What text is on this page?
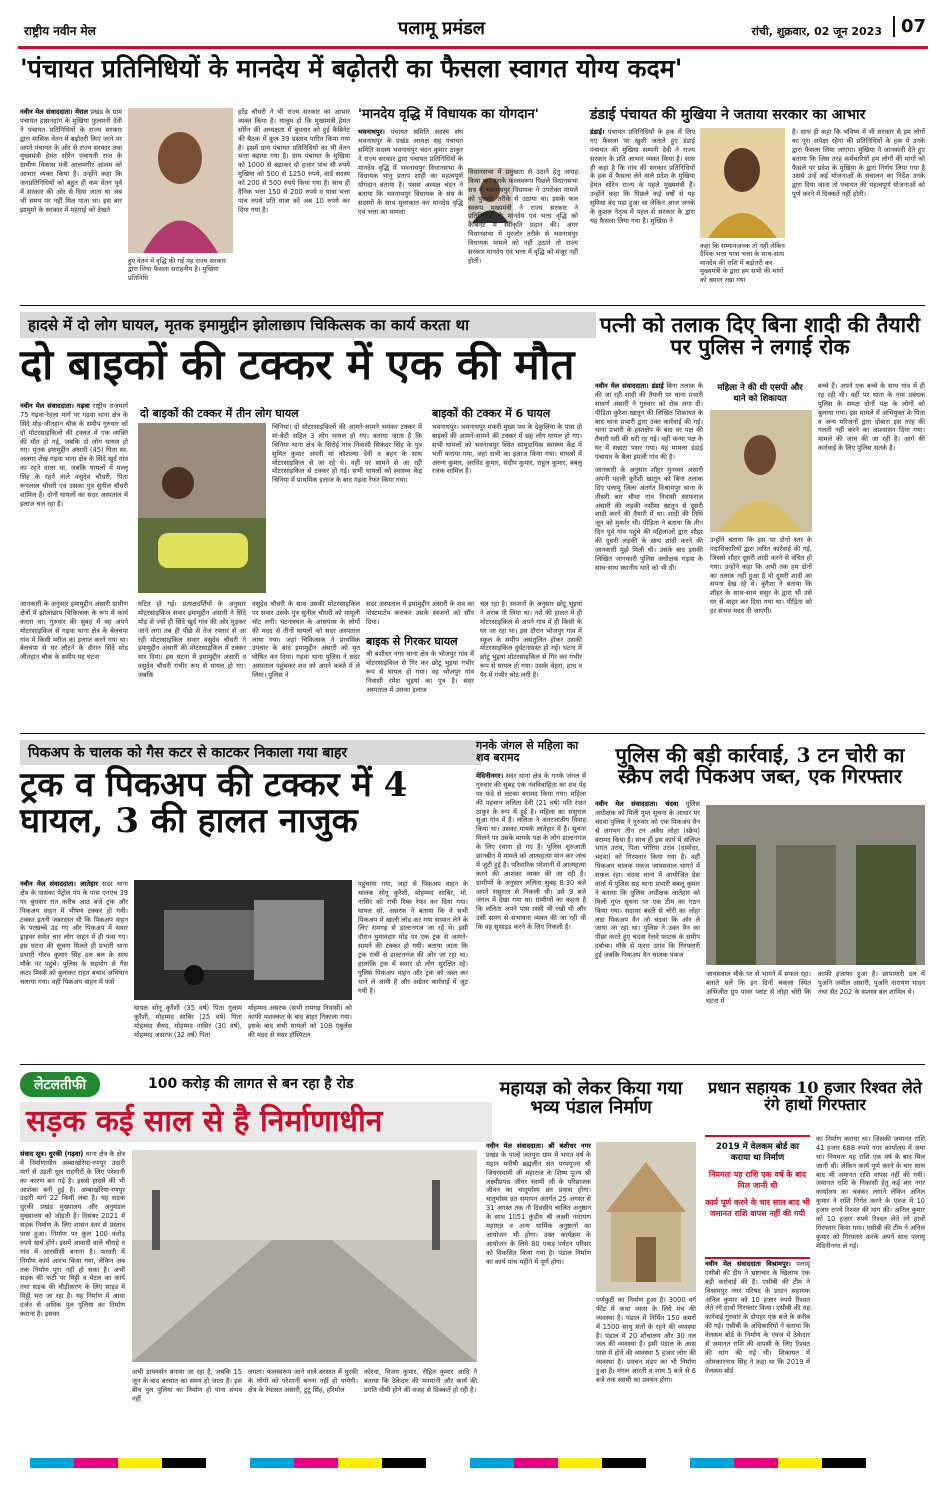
राष्ट्रीय नवीन मेल	पलामू प्रमंडल	रांची, शुक्रवार, 02 जून 2023	07
'पंचायत प्रतिनिधियों के मानदेय में बढ़ोतरी का फैसला स्वागत योग्य कदम'
नवीन मेल संवाददाता। मेराल प्रखंड के ग्राम पंचायत हासनदाग के मुखिया फुलमनी देवी ने पंचायत प्रतिनिधियों के राज्य सरकार द्वारा मासिक वेतन में बढ़ोतरी किए जाने पर अपने पंचायत के ओर से राज्य सरकार तथा मुख्यमंत्री हेमंत सोरेन पंचायती राज के ग्रामीण विकास मंत्री आलमगीर आलम को आभार व्यक्त किया है। उन्होंने कहा कि जनप्रतिनिधियों को बहुत ही कम वेतन पूर्व में सरकार की ओर से दिया जाता था जब भी समय पर नहीं मिल पाता था। इस बार झामुमो के सरकार में महंगाई को देखते
हुए वेतन में वृद्धि की गई यह राज्य सरकार द्वारा लिया फैसला सराहनीय है। मुखिया प्रतिनिधि
हरेंद्र चौधरी ने भी राज्य सरकार का आभार व्यक्त किया है। मालूम हो कि मुख्यमंत्री हेमंत सोरेन की अध्यक्षता में बुधवार को हुई कैबिनेट की बैठक में कुल 39 प्रस्ताव पारित किया गया है। इसमें ग्राम पंचायत प्रतिनिधियों का भी वेतन भत्ता बढ़ाया गया है। ग्राम पंचायत के मुखिया को 1000 से बढ़ाकर दो हजार पांच सौ रुपये मुखिया को 500 से 1250 रुपये, वार्ड सदस्य को 200 से 500 रुपये किया गया है। साथ ही दैनिक भत्ता 150 से 200 रुपये व यात्रा भत्ता पांच रुपये प्रति यात्रा को अब 10 रुपये कर दिया गया है।
'मानदेय वृद्धि में विधायक का योगदान'
भवनाथपुर। पंचायत समिति सदस्य संघ भवनाथपुर के प्रखंड अध्यक्ष सह पंचायत समिति सदस्य भवनाथपुर चंदन कुमार ठाकुर ने राज्य सरकार द्वारा पंचायत प्रतिनिधियों के मानदेय वृद्धि में भवनाथपुर विधानसभा के विधायक भानु प्रताप शाही का महत्वपूर्ण योगदान बताया है। पंसस अध्यक्ष चंदन ने बताया कि भवनाथपुर विधायक के संघ के सदस्यों के साथ मुलाकात कर मानदेय वृद्धि एवं भत्ता का मामला
विधानसभा में प्रमुखता से उठाने हेतु आग्रह किया था। इसके फलस्वरूप पिछले विधानसभा सत्र में भवनाथपुर विधायक ने उपरोक्त मामले को पुरजोर तरीके से उठाया था। इसके फल स्वरूप मुख्यमंत्री ने राज्य सरकार ने प्रतिनिधियों के मानदेय एवं भत्ता वृद्धि को कैबिनेट में स्वीकृति प्रदान की। अगर विधानसभा में पुरजोर तरीके से भवनाथपुर विधायक मामले को नहीं उठाते तो राज्य सरकार मानदेय एवं भत्ता में वृद्धि को मंजूर नहीं होती।
डंडाई पंचायत की मुखिया ने जताया सरकार का आभार
डंडाई। पंचायत प्रतिनिधियों के हक में लिए गए फैसला पर खुशी जताते हुए डंडाई पंचायत की मुखिया सम्पनी देवी ने राज्य सरकार के प्रति आभार व्यक्त किया है। साथ ही कहा है कि गांव की सरकार प्रतिनिधियों के हक में फैसला लेने वाले प्रदेश के मुखिया हेमंत सोरेन राज्य के पहले मुख्यमंत्री हैं। उन्होंने कहा कि पिछले कई वर्षों से यह सुविधा बंद पड़ा हुआ था लेकिन आज जनके के कुशल नेतृत्व में पहल से सरकार के द्वारा यह फैसला लिया गया है। मुखिया ने
कहा कि सम्मानजनक तो नहीं लेकिन दैनिक भत्ता यात्रा भत्ता के साथ-साथ मानदेय की राशि में बढ़ोतरी कर मुख्यमंत्री के द्वारा हम सभी की मांगों को ख्याल रखा गया
है। साथ ही कहा कि भविष्य में भी सरकार से हम लोगों का पूरा अपेक्षा रहेगा की प्रतिनिधियों के हक में उनके द्वारा फैसला लिया जाएगा। मुखिया ने जानकारी देते हुए बताया कि जिस तरह कर्मचारियों हम लोगों की मांगों को फैसले पर प्रदेश के मुखिया के द्वारा निर्णय लिया गया है उससे उन्हें कई योजनाओं के संचालन का निर्देश उनके द्वारा दिया जाता तो पंचायत की महत्वपूर्ण योजनाओं को पूर्ण करने में दिक्कतें नहीं होती।
हादसे में दो लोग घायल, मृतक इमामुद्दीन झोलाछाप चिकित्सक का कार्य करता था
दो बाइकों की टक्कर में एक की मौत
नवीन मेल संवाददाता। गढ़वा राष्ट्रीय राजमार्ग 75 गढ़वा-रेहला मार्ग पर गढ़वा थाना क्षेत्र के सिंदे मोड़-जीतहान चौक के समीप गुरुवार को दो मोटरसाइकिलों की टक्कर में एक व्यक्ति की मौत हो गई, जबकि दो लोग घायल हो गए। मृतक इमामुद्दीन अंसारी (45) पिता स्व. अलगर शेख गढ़वा थाना क्षेत्र के सिंदे खुर्द गांव का रहने वाला था, जबकि घायलों में मल्लू सिंह के रहने वाले वसुदेव चौधरी, पिता रूपलाल चौधरी एवं उसका पुत्र सुनील चौधरी शामिल हैं। दोनों घायलों का सदर अस्पताल में इलाज चल रहा है।
जानकारी के अनुसार इमामुद्दीन अंसारी ग्रामीण क्षेत्रों में झोलाछाप चिकित्सक के रूप में कार्य करता था। गुरुवार की सुबह में वह अपने मोटरसाइकिल से गढ़वा थाना क्षेत्र के बेलचंपा गांव में किसी मरीज का इलाज करने गया था। बेलचंपा से घर लौटने के दौरान सिंदे मोड़ जीतहान चौक के समीप यह घटना
दो बाइकों की टक्कर में तीन लोग घायल
चिनिया। दो मोटरसाइकिलों की आमने-सामने भयंकर टक्कर में मां-बेटी सहित 3 लोग घायल हो गए। बताया जाता है कि चिनिया थाना क्षेत्र के सिरोई गांव निवासी सिकंदर सिंह के पुत्र सुमित कुमार अपनी मां कौशल्या देवी व बहन के साथ मोटरसाइकिल से जा रहे थे। वहीं पर सामने से आ रही मोटरसाइकिल से टक्कर हो गई। सभी घायलों को स्वास्थ्य केंद्र चिनिया में प्राथमिक इलाज के बाद गढ़वा रेफर किया गया।
बाइकों की टक्कर में 6 घायल
भवनाथपुर। भवनाथपुर मकरी मुख्य पथ के देकुलिया के पास दो बाइकों की आमने-सामने की टक्कर में छह लोग घायल हो गए। सभी घायलों को भवनाथपुर स्थित सामुदायिक स्वास्थ्य केंद्र में भर्ती कराया गया, जहां सभी का इलाज किया गया। घायलों में अरुण कुमार, अरविंद कुमार, संदीप कुमार, राहुल कुमार, बबलू रजक शामिल हैं।
घटित हो गई। प्रत्यक्षदर्शियों के अनुसार मोटरसाइकिल सवार इमामुद्दीन अंसारी ने सिंदे मोड़ से ज्यों ही सिंदे खुर्द गांव की ओर मुड़कर जाने लगा तब ही पीछे से तेज रफ्तार से आ रही मोटरसाइकिल सवार वसुदेव चौधरी ने इमामुद्दीन अंसारी की मोटरसाइकिल में टक्कर मार दिया। इस घटना में इमामुद्दीन अंसारी व वसुदेव चौधरी गंभीर रूप से घायल हो गए। जबकि
वसुदेव चौधरी के साथ उसकी मोटरसाइकिल पर सवार उसके पुत्र सुनील चौधरी को मामूली चोट लगी। घटनास्थल के आसपास के लोगों की मदद से तीनों घायलों को सदर अस्पताल लाया गया। जहां चिकित्सक ने प्राथमिक उपचार के बाद इमामुद्दीन अंसारी को मृत घोषित कर दिया। गढ़वा थाना पुलिस ने सदर अस्पताल पहुंचकर शव को अपने कब्जे में ले लिया। पुलिस ने
सदर अस्पताल में इमामुद्दीन अंसारी के शव का पोस्टमार्टम कराकर उसके स्वजनों को सौंप दिया।
बाइक से गिरकर घायल
श्री बंशीधर नगर थाना क्षेत्र के भोजपुर गांव में मोटरसाइकिल से गिर कर छोटू भुइयां गंभीर रूप से घायल हो गया। वह भोजपुर गांव निवासी रमेश भुइयां का पुत्र है। सदर अस्पताल में उसका इलाज
चल रहा है। स्वजनों के अनुसार छोटू भुइयां ने शराब पी लिया था। नशे की हालत में ही मोटरसाइकिल से अपने गांव में ही किसी के घर जा रहा था। इस दौरान भोजपुर गांव में स्कूल के समीप असंतुलित होकर उसकी मोटरसाइकिल दुर्घटनाग्रस्त हो गई। घटना में छोटू भुइयां मोटरसाइकिल से गिर कर गंभीर रूप से घायल हो गया। उसके चेहरा, हाथ व पैर में गंभीर चोट लगी है।
पत्नी को तलाक दिए बिना शादी की तैयारी पर पुलिस ने लगाई रोक
नवीन मेल संवाददाता। डंडाई बिना तलाक के की जा रही शादी की तैयारी पर थाना प्रभारी सावर्ण अंसारी ने गुरुवार को रोक लगा दी। पीड़िता कुरैशा खातून की लिखित शिकायत के बाद थाना प्रभारी द्वारा उक्त कार्रवाई की गई। थाना प्रभारी के हस्तक्षेप के बाद वर पक्ष की तैयारी धरी की धरी रह गई। वहीं कन्या पक्ष के घर में सन्नाटा पसर गया। यह मामला डंडाई पंचायत के बैला इमली गांव की है।
जानकारी के अनुसार शौहर मुनव्वर अंसारी अपनी पहली कुरैशी खातून को बिना तलाक दिए पलामू जिला अंतर्गत विश्रामपुर थाना के तीसरी बार चौथा गांव निवासी सरफराज अंसारी की लड़की नसीमा खातून से दूसरी शादी करने की तैयारी में था। शादी की तिथि जून को मुकर्रर थी। पीड़िता ने बताया कि तीन दिन पूर्व गांव पहुंचे की महिलाओं द्वारा शौहर की दूसरी लड़की के साथ शादी करने की जानकारी मुझे मिली थी। उसके बाद इसकी लिखित जानकारी पुलिस अधीक्षक गढ़वा के साथ-साथ स्थानीय थाने को भी दी।
महिला ने की थी एसपी और थाने को शिकायत
उन्होंने बताया कि इस पर दोनों स्तर के पदाधिकारियों द्वारा त्वरित कार्रवाई की गई, जिससे शौहर दूसरी शादी करने से वंचित हो गया। उन्होंने कहा कि अभी तक हम दोनों का तलाक नहीं हुआ है वो दूसरी शादी का सपना देख रहे थे। कुरैशा ने बताया कि शौहर के साथ-साथ ससुर के द्वारा भी उसे घर से बाहर कर दिया गया था। पीड़िता को हर संभव मदद दी जाएगी।
बच्चे हैं। अपने एक बच्चे के साथ गांव में ही रह रही थी। वहीं पर थाना के नाम प्रबंधक पुलिस के समक्ष दोनों पक्ष के लोगों को बुलाया गया। इस मामले में अभियुक्त के पिता व अन्य परिजनों द्वारा दोबारा इस तरह की गलती नहीं करने का आश्वासन दिया गया। मामले की जांच की जा रही है। आगे की कार्रवाई के लिए पुलिस सतर्क है।
पिकअप के चालक को गैस कटर से काटकर निकाला गया बाहर
ट्रक व पिकअप की टक्कर में 4 घायल, 3 की हालत नाजुक
नवीन मेल संवाददाता। लातेहार सदर थाना क्षेत्र के पासंका पेट्रोल पंप के पास एनएच 39 पर बुधवार रात करीब आठ बजे ट्रक और पिकअप वाहन में भीषण टक्कर हो गयी। टक्कर इतनी जबरदस्त थी कि पिकअप वाहन के परखच्चे उड़ गए और पिकअप में सवार ड्राइवर समेत चार लोग वाहन में ही फंस गए। इस घटना की सूचना मिलते ही प्रभारी थाना प्रभारी गौरव कुमार सिंह दल बल के साथ मौके पर पहुंचे। पुलिस के सहयोग से गैस कटर मिस्त्री को बुलाकर राहत बचाव अभियान चलाया गया। वहीं पिकअप वाहन में फंसे
घायल सोनू कुरैशी (35 वर्ष) पिता गुलाम कुरैशी, मोहम्मद साबिर (25 वर्ष) पिता मोहम्मद सैयद, मोहम्मद नासिर (30 वर्ष), मोहम्मद असरफ (32 वर्ष) पिता
मोहम्मद असरफ (सभी रामगढ़ निवासी) को काफी मशक्कत के बाद बाहर निकाला गया। इसके बाद सभी घायलों को 108 एंबुलेंस की मदद से सदर हॉस्पिटल
पहुंचाया गया, जहां से पिकअप वाहन के चालक सोनू कुरैशी, मोहम्मद साबिर, मो. नासिर को रांची रिम्स रेफर कर दिया गया। घायल सो. असरफ ने बताया कि वे सभी पिकअप में खाली लोड कर गया सामान लेने के लिए रामगढ़ से डाल्टनगंज जा रहे थे। इसी दौरान घुमावदार मोड़ पर एक ट्रक से आमने-सामने की टक्कर हो गयी। बताया जाता कि ट्रक रांची से डाल्टनगंज की ओर जा रहा था। हालांकि ट्रक में सवार दो लोग सुरक्षित रहे। पुलिस पिकअप वाहन और ट्रक को जब्त कर थाने ले आयी है और अग्रेतर कार्रवाई में जुट गयी है।
गनके जंगल से महिला का शव बरामद
मेदिनीनगर। सदर थाना क्षेत्र के गनके जंगल में गुरुवार की सुबह एक नवविवाहिता का शव पेड़ पर फंदे से लटका बरामद किया गया। महिला की पहचान ललिता देवी (21 वर्ष) पति रंजन ठाकुर के रूप में हुई है। महिला का ससुराल सुआ गांव में है। ललिता ने अंतरजातीय विवाह किया था। उसका मायके लातेहार में है। सूचना मिलने पर उसके मायके पक्ष के लोग डाल्टनगंज के लिए रवाना हो गए हैं। पुलिस शुरुआती छानबीन में मामले को आत्महत्या मान कर जांच में जुटी हुई है। परिवारिक परेशानी में आत्महत्या करने की आशंका व्यक्त की जा रही है। ग्रामीणों के अनुसार ललिता सुबह 8:30 बजे अपने ससुराल से निकली थी। उसे 9 बजे जंगल में देखा गया था। ग्रामीणों का कहना है कि ललिता अपने पास रस्सी भी रखी थी और उसी समय से संभावना व्यक्त की जा रही थी कि वह सुसाइड करने के लिए निकली है।
पुलिस की बड़ी कार्रवाई, 3 टन चोरी का स्क्रैप लदी पिकअप जब्त, एक गिरफ्तार
नवीन मेल संवाददाता। चंदवा पुलिस अधीक्षक को मिली गुप्त सूचना के आधार पर चंदवा पुलिस ने गुरुवार को एक पिकअप वैन से लगभग तीन टन अवैध लोहा (स्क्रैप) बरामद किया है। साथ ही इस कार्य में संलिप्त भगत उरांव, पिता भोरिया उरांव (दामोदर, चंदवा) को गिरफ्तार किया गया है। वहीं पिकअप चालक पंकज जायसवाल भागने में सफल रहा। चंदवा थाना में आयोजित प्रेस वार्ता में पुलिस सह थाना प्रभारी बबलू कुमार ने बताया कि पुलिस अधीक्षक लातेहार को मिली गुप्त सूचना पर एक टीम का गठन किया गया। सदावर बस्ती से चोरी का लोहा लदा पिकअप वैन जो चंदवा कि ओर ले जाया जा रहा था। पुलिस ने उक्त वैन का पीछा करते हुए चंदवा रेलवे फाटक के समीप दबोचा। मौके से फरार उरांव कि गिरफ्तारी हुई जबकि पिकअप वैन चालक पंकज
जायसवाल मौके पर से भागने में सफल रहा। बताते चलें कि इन दिनों चकला स्थित अभिजीत ग्रुप पावर प्लांट से लोहा चोरी कि घटना में
काफी इजाफा हुआ है। छापामारी दल में पुअनि जमील अंसारी, पुअनि नारायण यादव तथा सैट 202 के सशस्त्र बल शामिल थे।
लेटलतीफी	100 करोड़ की लागत से बन रहा है रोड
सड़क कई साल से है निर्माणाधीन
संवाद सूत्र। धुरकी (गढ़वा) थाना क्षेत्र के क्षेत्र में निर्माणाधीन अम्बाखोरेया-रणपुर उदारी मार्ग से उड़ती धूल राहगीरों के लिए परेशानी का कारण बन गई है। इससे हादसे की भी आशंका बनी हुई है। अम्बाखोरेया-रणपुर उदारी मार्ग 22 किमी लंबा है। यह सड़क धुरकी प्रखंड मुख्यालय और अनुमंडल मुख्यालय को जोड़ती है। दिसंबर 2021 में सड़क निर्माण के लिए शासन स्तर से प्रस्ताव पास हुआ। निर्माण पर कुल 100 करोड़ रुपये खर्च होंगे। इसमें आवादी वाले चौराहे व गांव में आरसीसी बनाना है। फरवरी में निर्माण कार्य आरंभ किया गया, लेकिन अब तक निर्माण पूरा नहीं हो सका है। अभी सड़क की फटी पर मिट्टी व मेटल का कार्य तथा सड़क की चौड़ीकरण के लिए साइड में मिट्टी भरा जा रहा है। यह निर्माण में आधा दर्जन से अधिक पुल पुलिया का निर्माण कराना है। इसका
अभी डायवर्सन बनाया जा रहा है, जबकि 15 जून के बाद बरसात का समय हो जाता है। इस बीच पुल पुलिया का निर्माण हो पाना संभव नहीं
लगता। फलस्वरूप आने वाले बरसात में धुरकी के लोगों को परेशानी बनना नहीं हो पायेगी। क्षेत्र के रेयासत अंसारी, टुटू सिंह, हरिमोल
कोरवा, विजय कुमार, रोहित कुमार आदि ने बताया कि ठेकेदार की मनमानी और कार्य की प्रगति धीमी होने की वजह से दिक्कतें हो रही है।
महायज्ञ को लेकर किया गया भव्य पंडाल निर्माण
नवीन मेल संवाददाता। श्री बंशीधर नगर प्रखंड के पाल्हे जतपुरा ग्राम में भारत वर्ष के महान मनीषी ब्रह्मलीन संत परमपूज्य श्री जियरस्वामी जी महाराज के शिष्य पूज्य श्री लक्ष्मीप्रपन्न जीयर स्वामी जी के परिव्राजक जीवन का चातुर्मास्य व्रत प्रवास होगा। चातुर्मास्य व्रत समापन अंतर्गत 25 अगस्त से 31 अगस्त तक नौ दिवसीय चालित अनुष्ठान के साथ 1051 कुंडीय श्री लक्ष्मी नारायण महायज्ञ व अन्य धार्मिक अनुष्ठानों का आयोजन भी होगा। उक्त कार्यक्रम के आयोजन के लिये 80 एकड़ पर्यटन परिसर को विकसित किया गया है। पंडाल निर्माण का कार्य पांच महीने में पूर्ण होगा।
पर्णकुटी का निर्माण हुआ है। 3000 वर्ग फीट में कथा व्यास के लिये मंच की व्यवस्था है। पंडाल में निर्मित 150 कमरों में 1500 साधु संतों के रहने की व्यवस्था है। पंडाल में 20 शौचालय और 30 नल जल की व्यवस्था है। इसी पंडाल के आस पास में होने की व्यवस्था 5 हजार लोग की व्यवस्था है। प्रवचन मंडप का भी निर्माण हुआ है। मंगल आरती व शाम 5 बजे से 6 बजे तक स्वामी का प्रवचन होगा।
प्रधान सहायक 10 हजार रिश्वत लेते रंगे हाथों गिरफ्तार
2019 में वेलकम बोर्ड का कराया था निर्माण
नियमतः यह राशि एक वर्ष के बाद मिल जानी थी
कार्य पूर्ण करने के चार साल बाद भी जमानत राशि वापस नहीं की गयी
नवीन मेल संवाददाता विश्रामपुर। पलामू एसीबी की टीम ने भ्रष्टाचार के खिलाफ एक बड़ी कार्रवाई की है। एसीबी की टीम ने विश्रामपुर नगर परिषद के प्रधान सहायक अनिल कुमार को 10 हजार रुपये रिश्वत लेते रंगे हाथों गिरफ्तार किया। एसीबी की यह कार्रवाई गुरुवार के दोपहर एक बजे के करीब की गई। एसीबी के अधिकारियों ने बताया कि वेलकम बोर्ड के निर्माण के एवज में ठेकेदार से जमानत राशि की वापसी के लिए रिश्वत की मांग की गई थी। शिकायत में ओमकारनाथ सिंह ने कहा था कि 2019 में वेलकम बोर्ड
का निर्माण कराया था। जिसकी जमानत राशि 41 हजार 688 रुपये नगर कार्यालय में जमा था। नियमतः यह राशि एक वर्ष के बाद मिल जानी थी। लेकिन कार्य पूर्ण करने के चार साल बाद भी जमानत राशि वापस नहीं की गयी। जमानत राशि के निकासी हेतु कई बार नगर कार्यालय का चक्कर लगाने लेकिन अनिल कुमार ने राशि निर्गत करने के एवज में 10 हजार रुपये रिश्वत की मांग की। अनिल कुमार को 10 हजार रुपये रिश्वत लेते रंगे हाथों गिरफ्तार किया गया। एसीबी की टीम ने अनिल कुमार को गिरफ्तार करके अपने साथ पलामू मेदिनीनगर ले गई।
